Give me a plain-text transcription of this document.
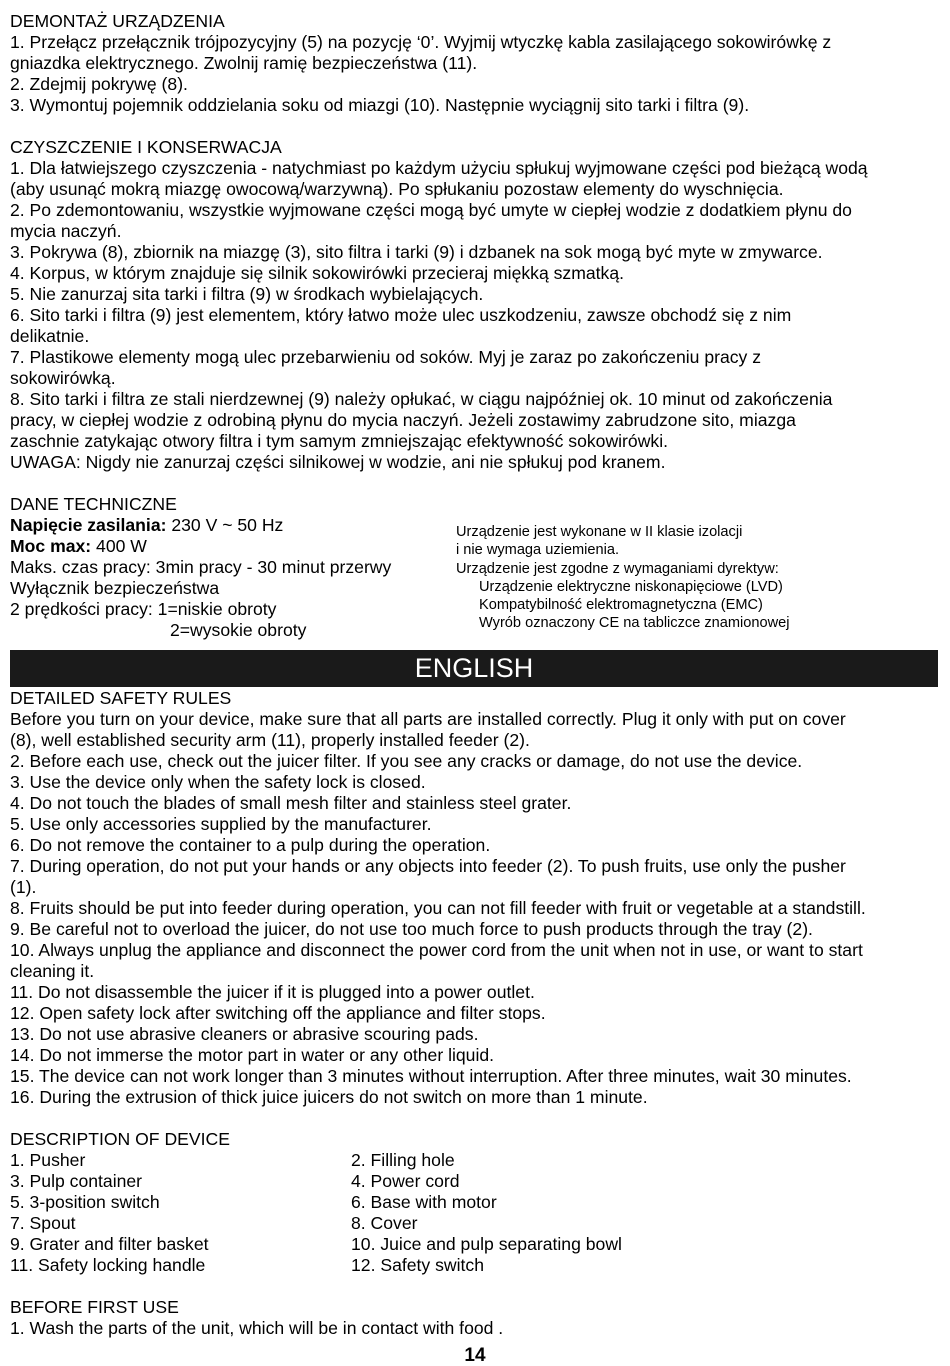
DEMONTAŻ URZĄDZENIA
1. Przełącz przełącznik trójpozycyjny (5) na pozycję ‘0’. Wyjmij wtyczkę kabla zasilającego sokowirówkę z
gniazdka elektrycznego. Zwolnij ramię bezpieczeństwa (11).
2. Zdejmij pokrywę (8).
3. Wymontuj pojemnik oddzielania soku od miazgi (10). Następnie wyciągnij sito tarki i filtra (9).
CZYSZCZENIE I KONSERWACJA
1. Dla łatwiejszego czyszczenia - natychmiast po każdym użyciu spłukuj wyjmowane części pod bieżącą wodą
(aby usunąć mokrą miazgę owocową/warzywną). Po spłukaniu pozostaw elementy do wyschnięcia.
2. Po zdemontowaniu, wszystkie wyjmowane części mogą być umyte w ciepłej wodzie z dodatkiem płynu do
mycia naczyń.
3. Pokrywa (8), zbiornik na miazgę (3), sito filtra i tarki (9) i dzbanek na sok mogą być myte w zmywarce.
4. Korpus, w którym znajduje się silnik sokowirówki przecieraj miękką szmatką.
5. Nie zanurzaj sita tarki i filtra (9) w środkach wybielających.
6. Sito tarki i filtra (9) jest elementem, który łatwo może ulec uszkodzeniu, zawsze obchodź się z nim
delikatnie.
7. Plastikowe elementy mogą ulec przebarwieniu od soków. Myj je zaraz po zakończeniu pracy z
sokowirówką.
8. Sito tarki i filtra ze stali nierdzewnej (9) należy opłukać, w ciągu najpóźniej ok. 10 minut od zakończenia
pracy, w ciepłej wodzie z odrobiną płynu do mycia naczyń. Jeżeli zostawimy zabrudzone sito, miazga
zaschnie zatykając otwory filtra i tym samym zmniejszając efektywność sokowirówki.
UWAGA: Nigdy nie zanurzaj części silnikowej w wodzie, ani nie spłukuj pod kranem.
DANE TECHNICZNE
Napięcie zasilania: 230 V ~ 50 Hz
Moc max: 400 W
Maks. czas pracy: 3min pracy - 30 minut przerwy
Wyłącznik bezpieczeństwa
2 prędkości pracy: 1=niskie obroty
2=wysokie obroty
Urządzenie jest wykonane w II klasie izolacji
i nie wymaga uziemienia.
Urządzenie jest zgodne z wymaganiami dyrektyw:
Urządzenie elektryczne niskonapięciowe (LVD)
Kompatybilność elektromagnetyczna (EMC)
Wyrób oznaczony CE na tabliczce znamionowej
ENGLISH
DETAILED SAFETY RULES
Before you turn on your device, make sure that all parts are installed correctly. Plug it only with put on cover
(8), well established security arm (11), properly installed feeder (2).
2. Before each use, check out the juicer filter. If you see any cracks or damage, do not use the device.
3. Use the device only when the safety lock is closed.
4. Do not touch the blades of small mesh filter and stainless steel grater.
5. Use only accessories supplied by the manufacturer.
6. Do not remove the container to a pulp during the operation.
7. During operation, do not put your hands or any objects into feeder (2). To push fruits, use only the pusher
(1).
8. Fruits should be put into feeder during operation, you can not fill feeder with fruit or vegetable at a standstill.
9. Be careful not to overload the juicer, do not use too much force to push products through the tray (2).
10. Always unplug the appliance and disconnect the power cord from the unit when not in use, or want to start
cleaning it.
11. Do not disassemble the juicer if it is plugged into a power outlet.
12. Open safety lock after switching off the appliance and filter stops.
13. Do not use abrasive cleaners or abrasive scouring pads.
14. Do not immerse the motor part in water or any other liquid.
15. The device can not work longer than 3 minutes without interruption. After three minutes, wait 30 minutes.
16. During the extrusion of thick juice juicers do not switch on more than 1 minute.
DESCRIPTION OF DEVICE
1. Pusher	2. Filling hole
3. Pulp container	4. Power cord
5. 3-position switch	6. Base with motor
7. Spout	8. Cover
9. Grater and filter basket	10. Juice and pulp separating bowl
11. Safety locking handle	12. Safety switch
BEFORE FIRST USE
1. Wash the parts of the unit, which will be in contact with food .
14
